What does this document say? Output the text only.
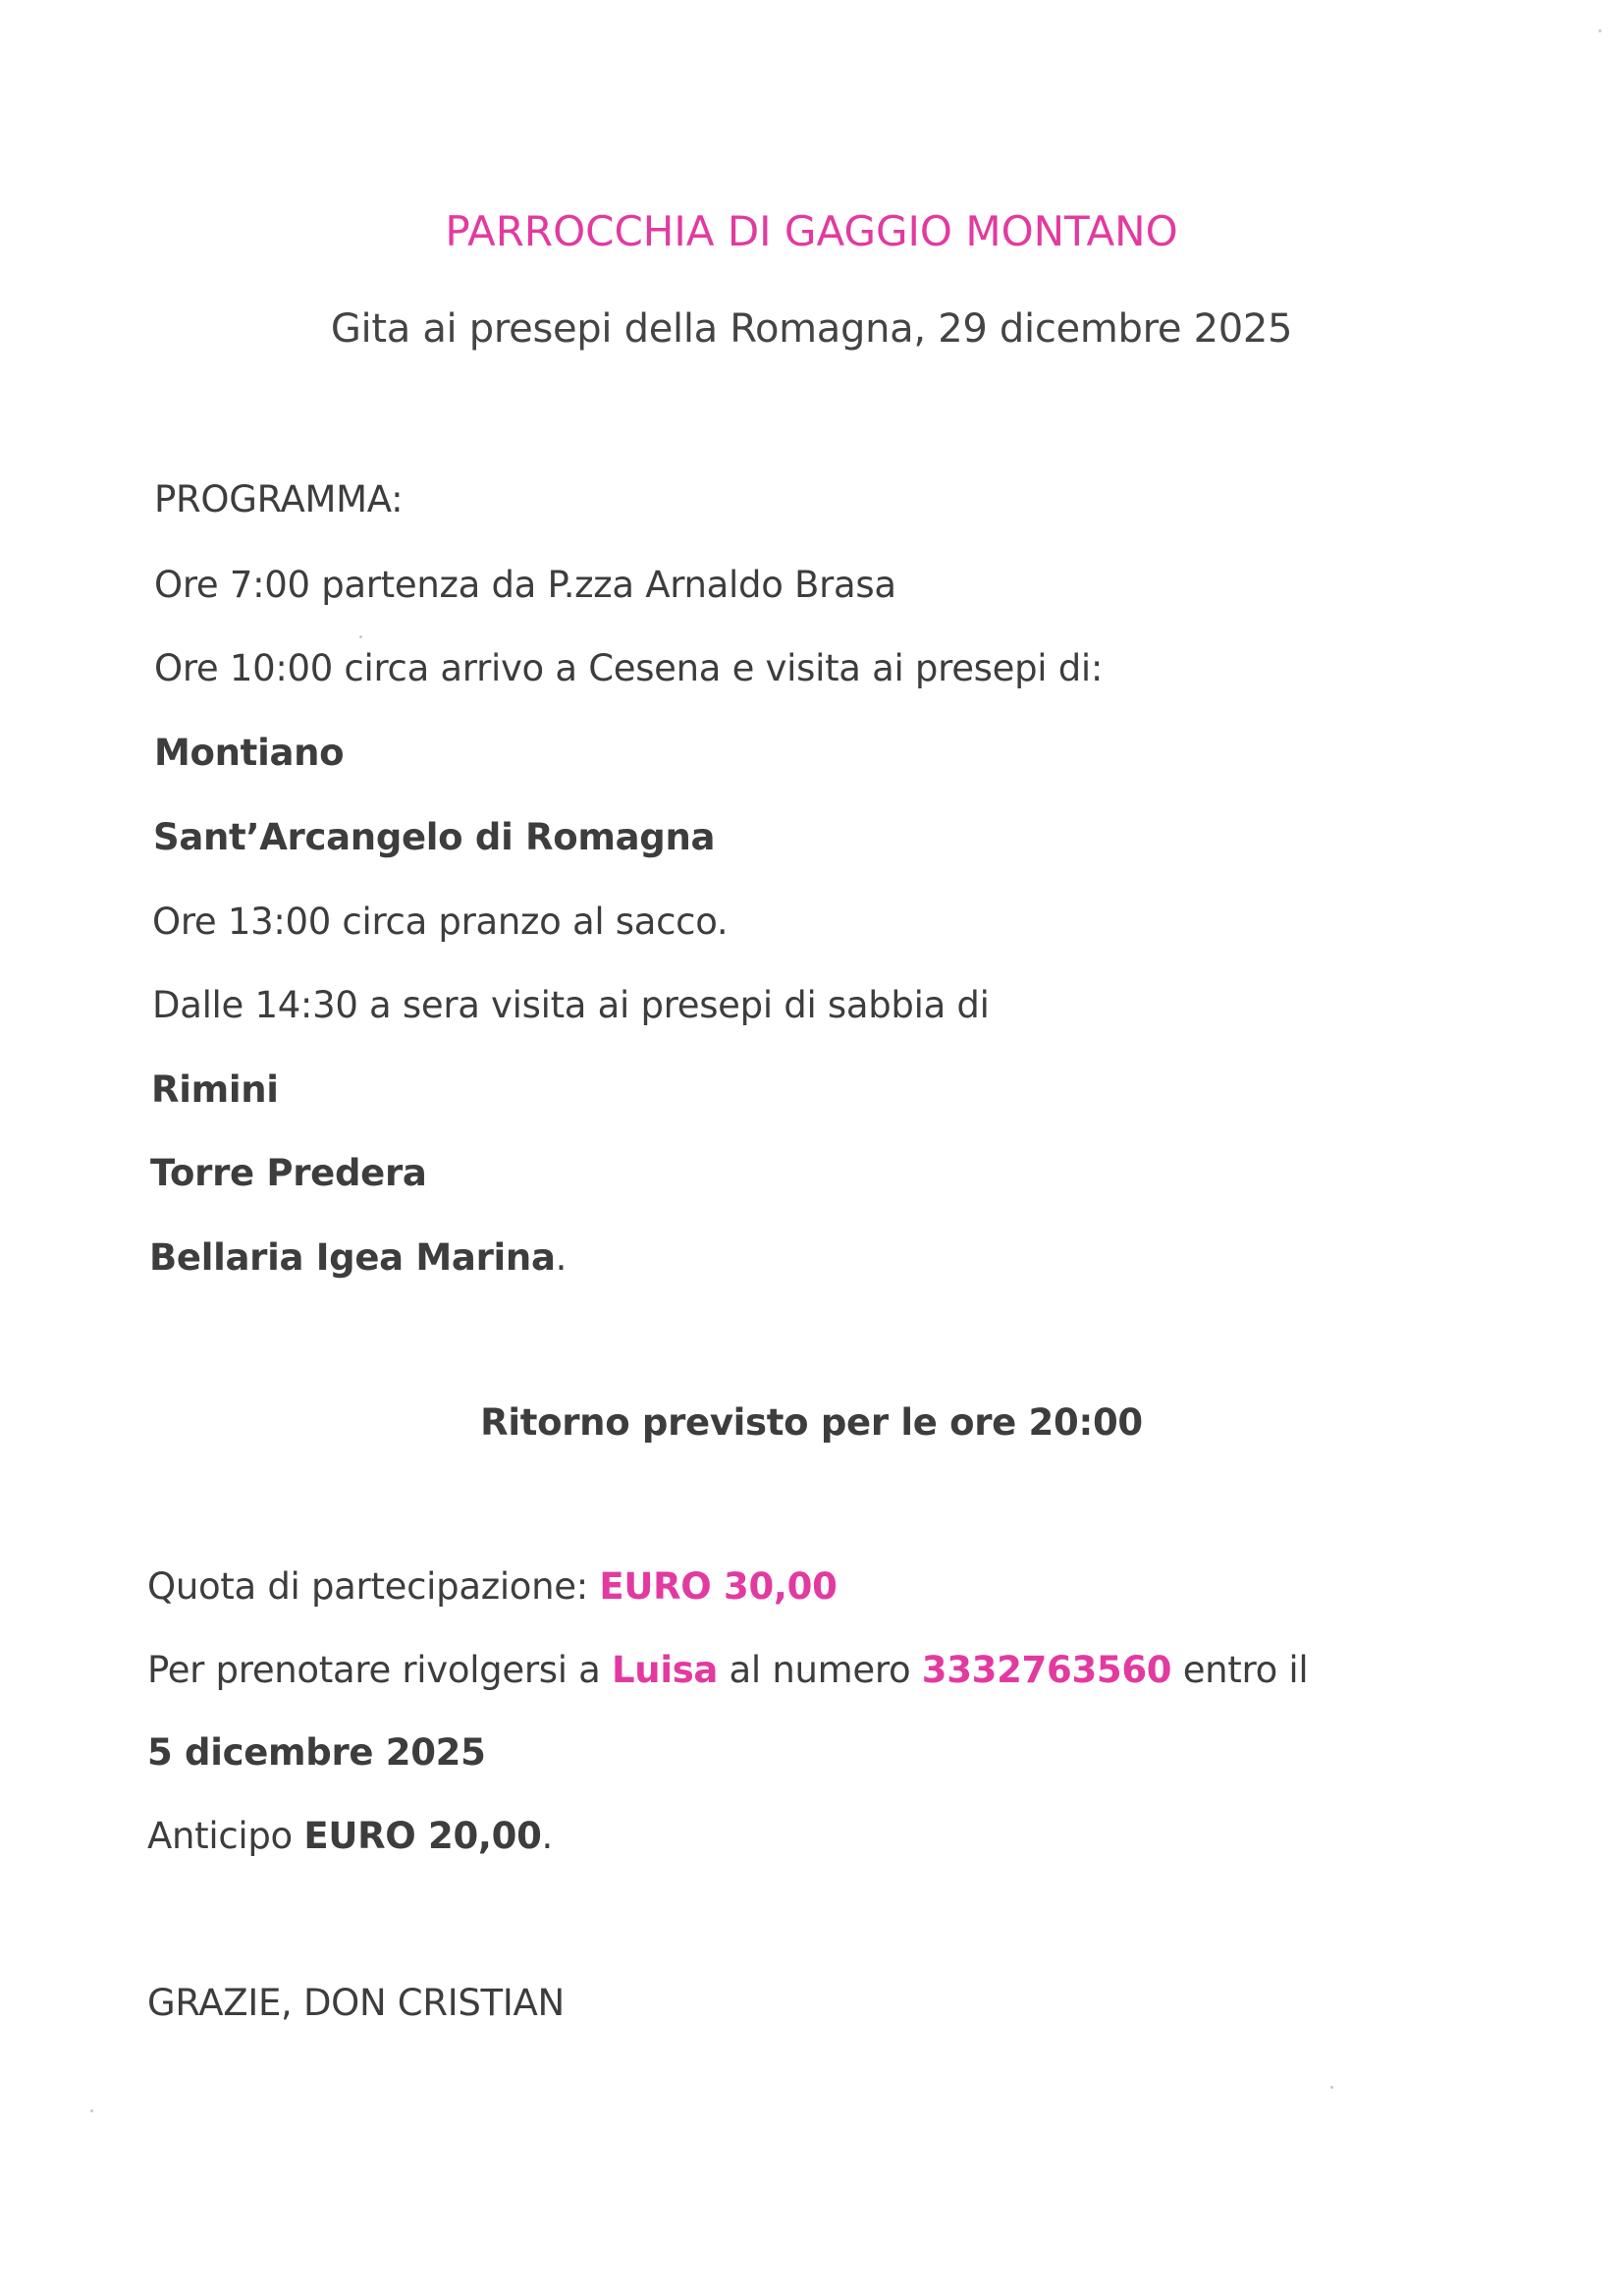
PARROCCHIA DI GAGGIO MONTANO
Gita ai presepi della Romagna, 29 dicembre 2025
PROGRAMMA:
Ore 7:00 partenza da P.zza Arnaldo Brasa
Ore 10:00 circa arrivo a Cesena e visita ai presepi di:
Montiano
Sant’Arcangelo di Romagna
Ore 13:00 circa pranzo al sacco.
Dalle 14:30 a sera visita ai presepi di sabbia di
Rimini
Torre Predera
Bellaria Igea Marina.
Ritorno previsto per le ore 20:00
Quota di partecipazione: EURO 30,00
Per prenotare rivolgersi a Luisa al numero 3332763560 entro il
5 dicembre 2025
Anticipo EURO 20,00.
GRAZIE, DON CRISTIAN
